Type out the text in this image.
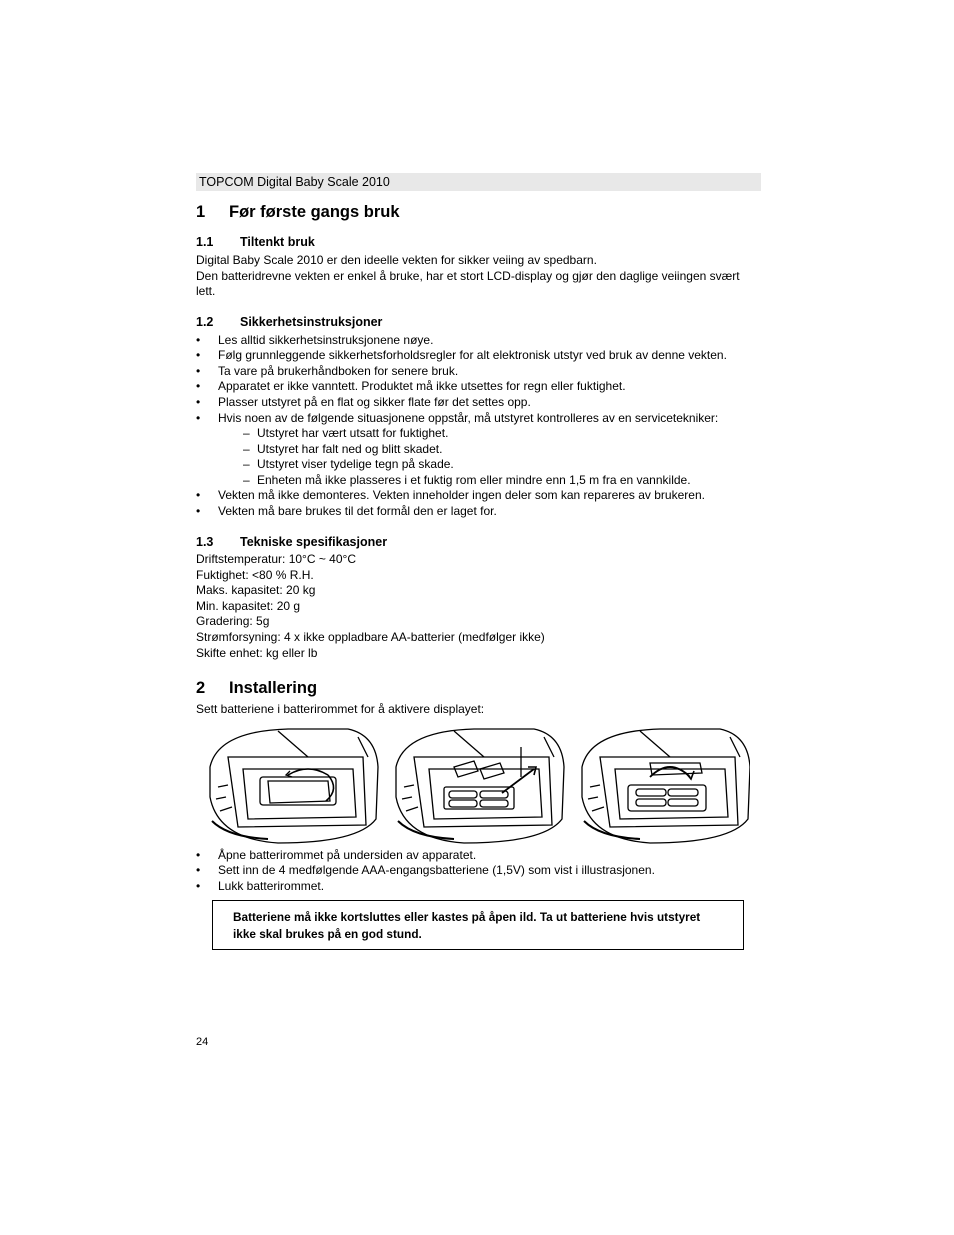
TOPCOM Digital Baby Scale 2010
1 Før første gangs bruk
1.1 Tiltenkt bruk
Digital Baby Scale 2010 er den ideelle vekten for sikker veiing av spedbarn.
Den batteridrevne vekten er enkel å bruke, har et stort LCD-display og gjør den daglige veiingen svært
lett.
1.2 Sikkerhetsinstruksjoner
• Les alltid sikkerhetsinstruksjonene nøye.
• Følg grunnleggende sikkerhetsforholdsregler for alt elektronisk utstyr ved bruk av denne vekten.
• Ta vare på brukerhåndboken for senere bruk.
• Apparatet er ikke vanntett. Produktet må ikke utsettes for regn eller fuktighet.
• Plasser utstyret på en flat og sikker flate før det settes opp.
• Hvis noen av de følgende situasjonene oppstår, må utstyret kontrolleres av en servicetekniker:
– Utstyret har vært utsatt for fuktighet.
– Utstyret har falt ned og blitt skadet.
– Utstyret viser tydelige tegn på skade.
– Enheten må ikke plasseres i et fuktig rom eller mindre enn 1,5 m fra en vannkilde.
• Vekten må ikke demonteres. Vekten inneholder ingen deler som kan repareres av brukeren.
• Vekten må bare brukes til det formål den er laget for.
1.3 Tekniske spesifikasjoner
Driftstemperatur: 10°C ~ 40°C
Fuktighet: <80 % R.H.
Maks. kapasitet: 20 kg
Min. kapasitet: 20 g
Gradering: 5g
Strømforsyning: 4 x ikke oppladbare AA-batterier (medfølger ikke)
Skifte enhet: kg eller lb
2 Installering
Sett batteriene i batterirommet for å aktivere displayet:
• Åpne batterirommet på undersiden av apparatet.
• Sett inn de 4 medfølgende AAA-engangsbatteriene (1,5V) som vist i illustrasjonen.
• Lukk batterirommet.
Batteriene må ikke kortsluttes eller kastes på åpen ild. Ta ut batteriene hvis utstyret
ikke skal brukes på en god stund.
24
